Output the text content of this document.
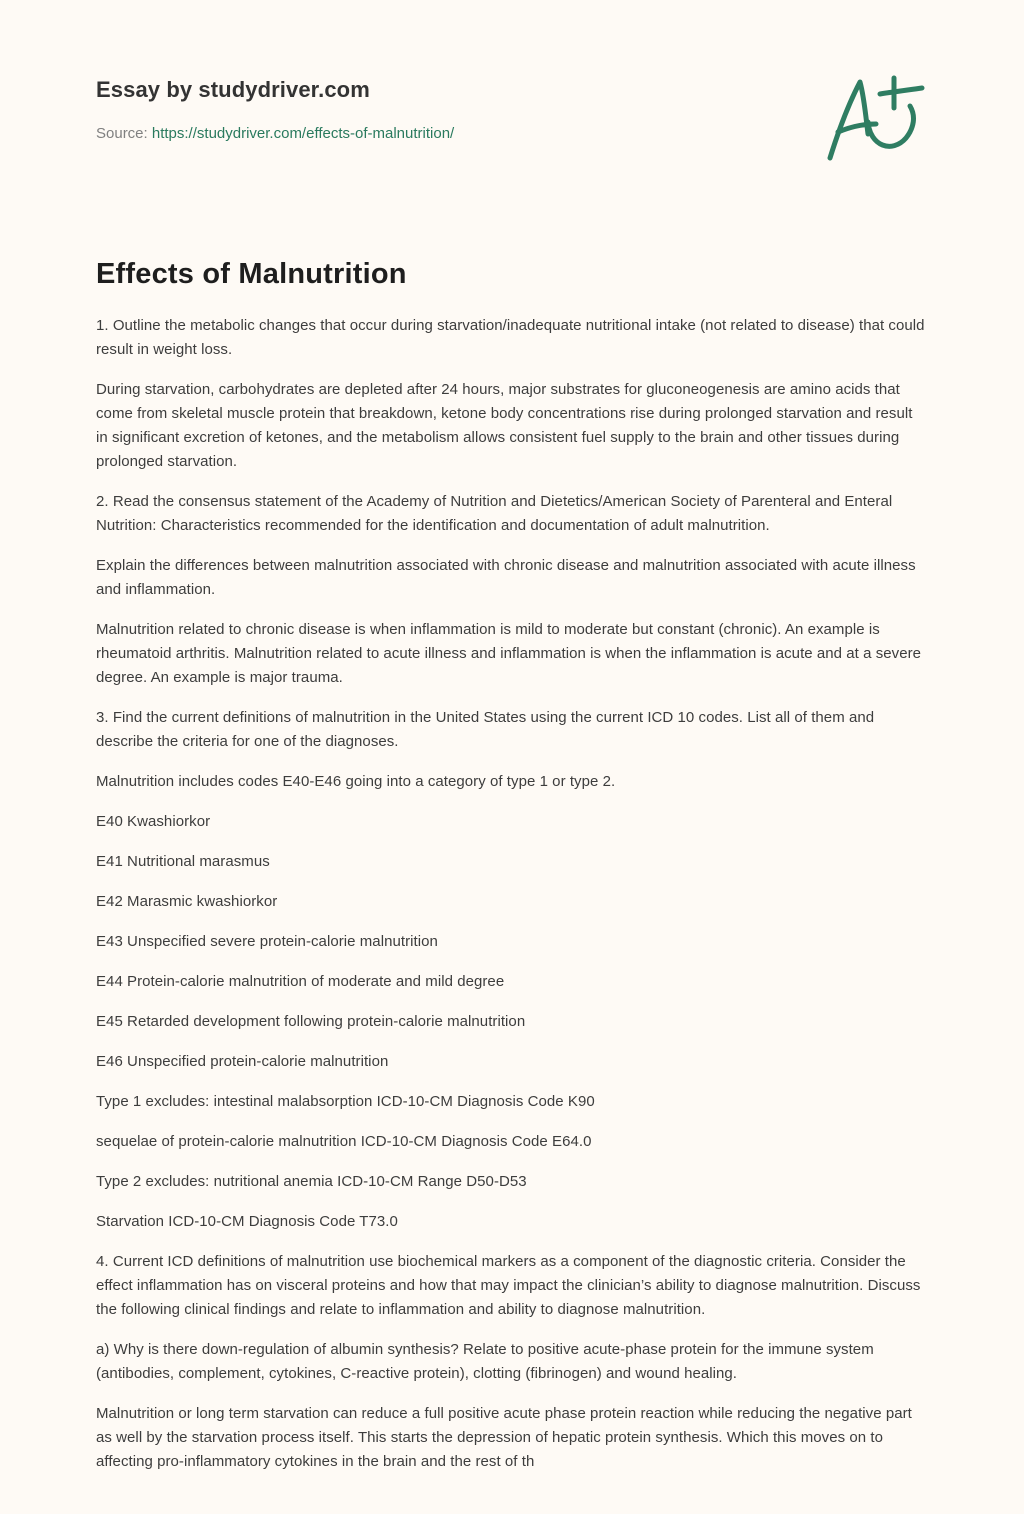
Essay by studydriver.com
Source: https://studydriver.com/effects-of-malnutrition/
Effects of Malnutrition

1. Outline the metabolic changes that occur during starvation/inadequate nutritional intake (not related to disease) that could result in weight loss.

During starvation, carbohydrates are depleted after 24 hours, major substrates for gluconeogenesis are amino acids that come from skeletal muscle protein that breakdown, ketone body concentrations rise during prolonged starvation and result in significant excretion of ketones, and the metabolism allows consistent fuel supply to the brain and other tissues during prolonged starvation.

2. Read the consensus statement of the Academy of Nutrition and Dietetics/American Society of Parenteral and Enteral Nutrition: Characteristics recommended for the identification and documentation of adult malnutrition.

Explain the differences between malnutrition associated with chronic disease and malnutrition associated with acute illness and inflammation.

Malnutrition related to chronic disease is when inflammation is mild to moderate but constant (chronic). An example is rheumatoid arthritis. Malnutrition related to acute illness and inflammation is when the inflammation is acute and at a severe degree. An example is major trauma.

3. Find the current definitions of malnutrition in the United States using the current ICD 10 codes. List all of them and describe the criteria for one of the diagnoses.

Malnutrition includes codes E40-E46 going into a category of type 1 or type 2.

E40 Kwashiorkor

E41 Nutritional marasmus

E42 Marasmic kwashiorkor

E43 Unspecified severe protein-calorie malnutrition

E44 Protein-calorie malnutrition of moderate and mild degree

E45 Retarded development following protein-calorie malnutrition

E46 Unspecified protein-calorie malnutrition

Type 1 excludes: intestinal malabsorption ICD-10-CM Diagnosis Code K90

sequelae of protein-calorie malnutrition ICD-10-CM Diagnosis Code E64.0

Type 2 excludes: nutritional anemia ICD-10-CM Range D50-D53

Starvation ICD-10-CM Diagnosis Code T73.0

4. Current ICD definitions of malnutrition use biochemical markers as a component of the diagnostic criteria. Consider the effect inflammation has on visceral proteins and how that may impact the clinician’s ability to diagnose malnutrition. Discuss the following clinical findings and relate to inflammation and ability to diagnose malnutrition.

a) Why is there down-regulation of albumin synthesis? Relate to positive acute-phase protein for the immune system (antibodies, complement, cytokines, C-reactive protein), clotting (fibrinogen) and wound healing.

Malnutrition or long term starvation can reduce a full positive acute phase protein reaction while reducing the negative part as well by the starvation process itself. This starts the depression of hepatic protein synthesis. Which this moves on to affecting pro-inflammatory cytokines in the brain and the rest of th
